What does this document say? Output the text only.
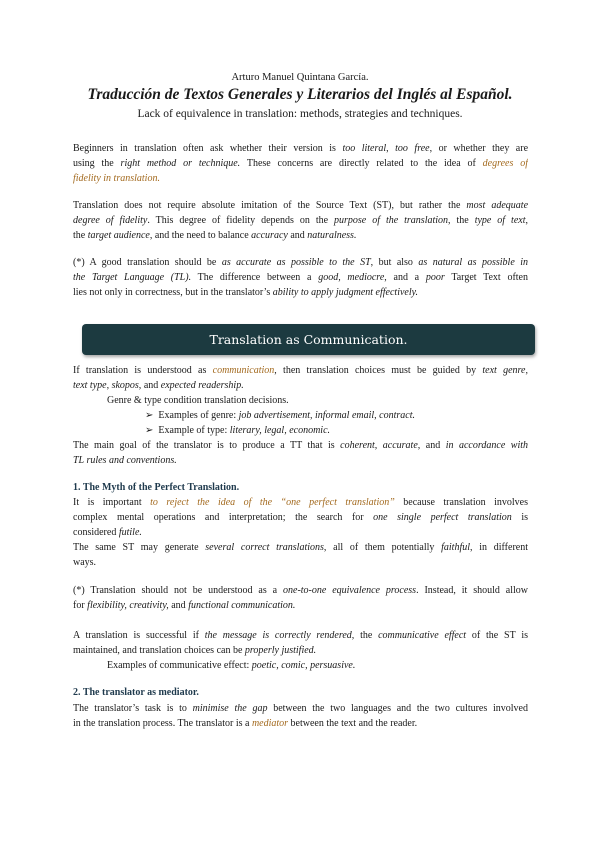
Arturo Manuel Quintana García.
Traducción de Textos Generales y Literarios del Inglés al Español.
Lack of equivalence in translation: methods, strategies and techniques.
Beginners in translation often ask whether their version is too literal, too free, or whether they are
using the right method or technique. These concerns are directly related to the idea of degrees of
fidelity in translation.
Translation does not require absolute imitation of the Source Text (ST), but rather the most adequate
degree of fidelity. This degree of fidelity depends on the purpose of the translation, the type of text,
the target audience, and the need to balance accuracy and naturalness.
(*) A good translation should be as accurate as possible to the ST, but also as natural as possible in
the Target Language (TL). The difference between a good, mediocre, and a poor Target Text often
lies not only in correctness, but in the translator’s ability to apply judgment effectively.
Translation as Communication.
If translation is understood as communication, then translation choices must be guided by text genre,
text type, skopos, and expected readership.
Genre & type condition translation decisions.
➢ Examples of genre: job advertisement, informal email, contract.
➢ Example of type: literary, legal, economic.
The main goal of the translator is to produce a TT that is coherent, accurate, and in accordance with
TL rules and conventions.
1. The Myth of the Perfect Translation.
It is important to reject the idea of the “one perfect translation” because translation involves
complex mental operations and interpretation; the search for one single perfect translation is
considered futile.
The same ST may generate several correct translations, all of them potentially faithful, in different
ways.
(*) Translation should not be understood as a one-to-one equivalence process. Instead, it should allow
for flexibility, creativity, and functional communication.
A translation is successful if the message is correctly rendered, the communicative effect of the ST is
maintained, and translation choices can be properly justified.
Examples of communicative effect: poetic, comic, persuasive.
2. The translator as mediator.
The translator’s task is to minimise the gap between the two languages and the two cultures involved
in the translation process. The translator is a mediator between the text and the reader.
